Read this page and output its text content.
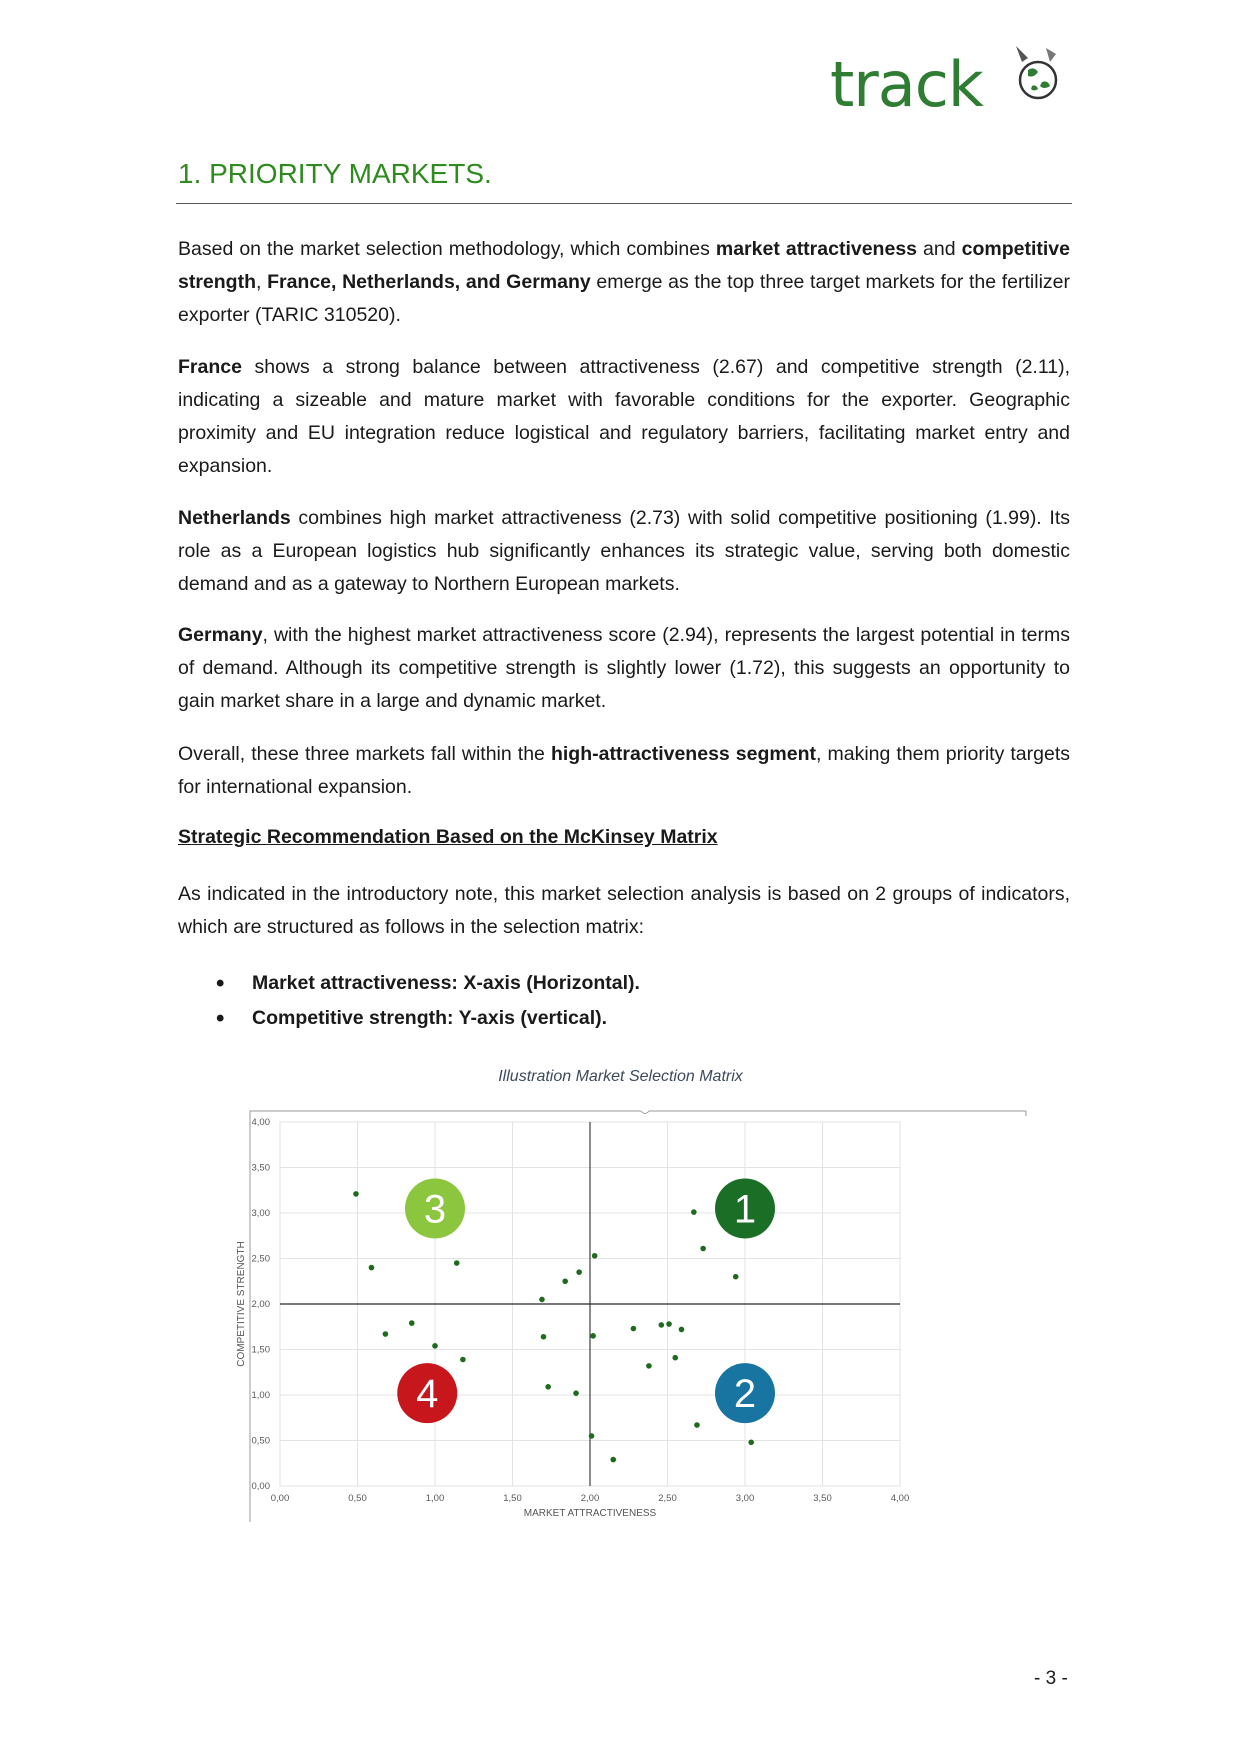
track
1. PRIORITY MARKETS.

Based on the market selection methodology, which combines market attractiveness and competitive strength, France, Netherlands, and Germany emerge as the top three target markets for the fertilizer exporter (TARIC 310520).

France shows a strong balance between attractiveness (2.67) and competitive strength (2.11), indicating a sizeable and mature market with favorable conditions for the exporter. Geographic proximity and EU integration reduce logistical and regulatory barriers, facilitating market entry and expansion.

Netherlands combines high market attractiveness (2.73) with solid competitive positioning (1.99). Its role as a European logistics hub significantly enhances its strategic value, serving both domestic demand and as a gateway to Northern European markets.

Germany, with the highest market attractiveness score (2.94), represents the largest potential in terms of demand. Although its competitive strength is slightly lower (1.72), this suggests an opportunity to gain market share in a large and dynamic market.

Overall, these three markets fall within the high-attractiveness segment, making them priority targets for international expansion.

Strategic Recommendation Based on the McKinsey Matrix

As indicated in the introductory note, this market selection analysis is based on 2 groups of indicators, which are structured as follows in the selection matrix:

• Market attractiveness: X-axis (Horizontal).
• Competitive strength: Y-axis (vertical).

Illustration Market Selection Matrix

0,00
0,00
0,50
0,50
1,00
1,00
1,50
1,50
2,00
2,00
2,50
2,50
3,00
3,00
3,50
3,50
4,00
4,00
1
2
3
4
MARKET ATTRACTIVENESS
COMPETITIVE STRENGTH

- 3 -
